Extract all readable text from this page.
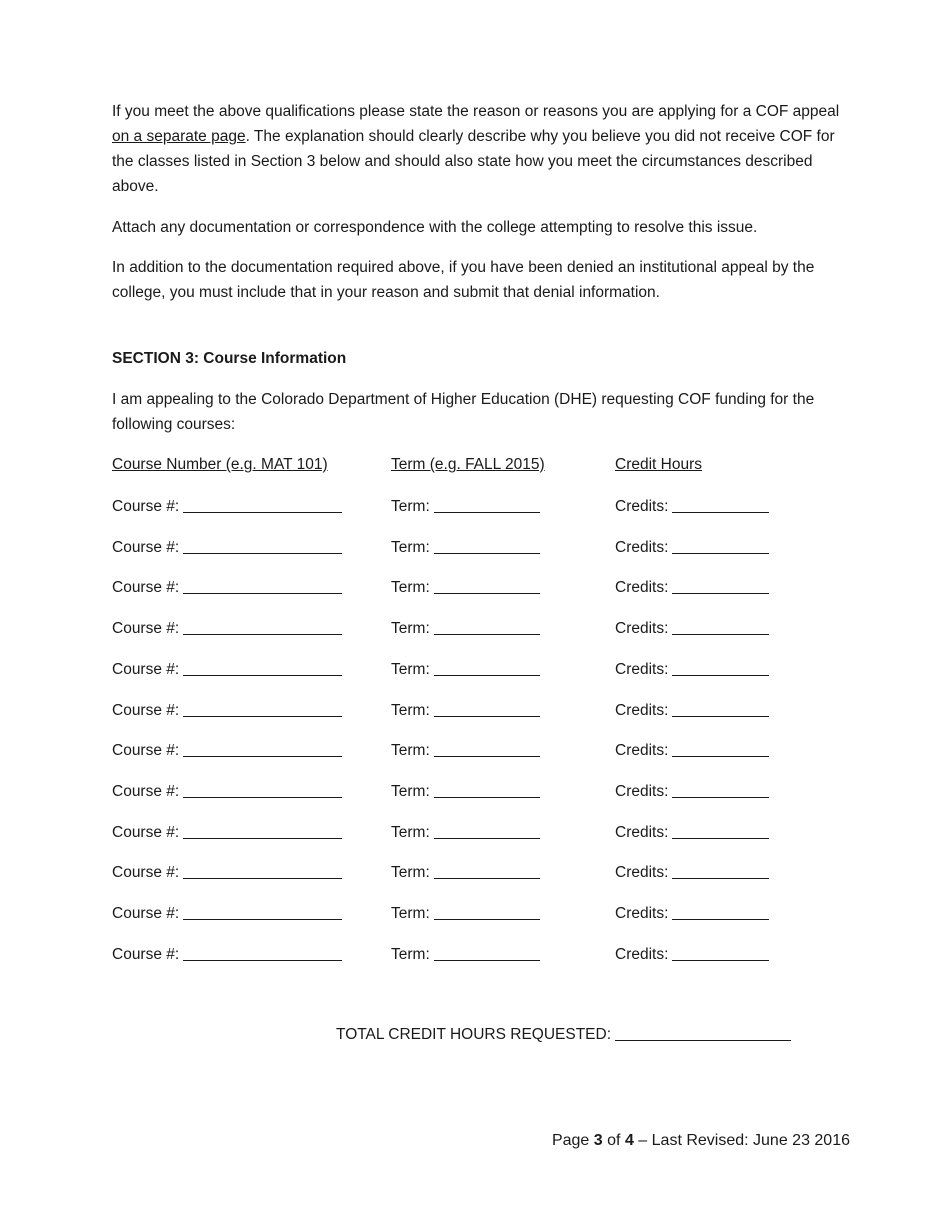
If you meet the above qualifications please state the reason or reasons you are applying for a COF appeal on a separate page. The explanation should clearly describe why you believe you did not receive COF for the classes listed in Section 3 below and should also state how you meet the circumstances described above.

Attach any documentation or correspondence with the college attempting to resolve this issue.

In addition to the documentation required above, if you have been denied an institutional appeal by the college, you must include that in your reason and submit that denial information.

SECTION 3: Course Information

I am appealing to the Colorado Department of Higher Education (DHE) requesting COF funding for the following courses:

Course Number (e.g. MAT 101)	Term (e.g. FALL 2015)	Credit Hours
Course #:	Term:	Credits:
Course #:	Term:	Credits:
Course #:	Term:	Credits:
Course #:	Term:	Credits:
Course #:	Term:	Credits:
Course #:	Term:	Credits:
Course #:	Term:	Credits:
Course #:	Term:	Credits:
Course #:	Term:	Credits:
Course #:	Term:	Credits:
Course #:	Term:	Credits:
Course #:	Term:	Credits:
TOTAL CREDIT HOURS REQUESTED:
Page 3 of 4 – Last Revised: June 23 2016
